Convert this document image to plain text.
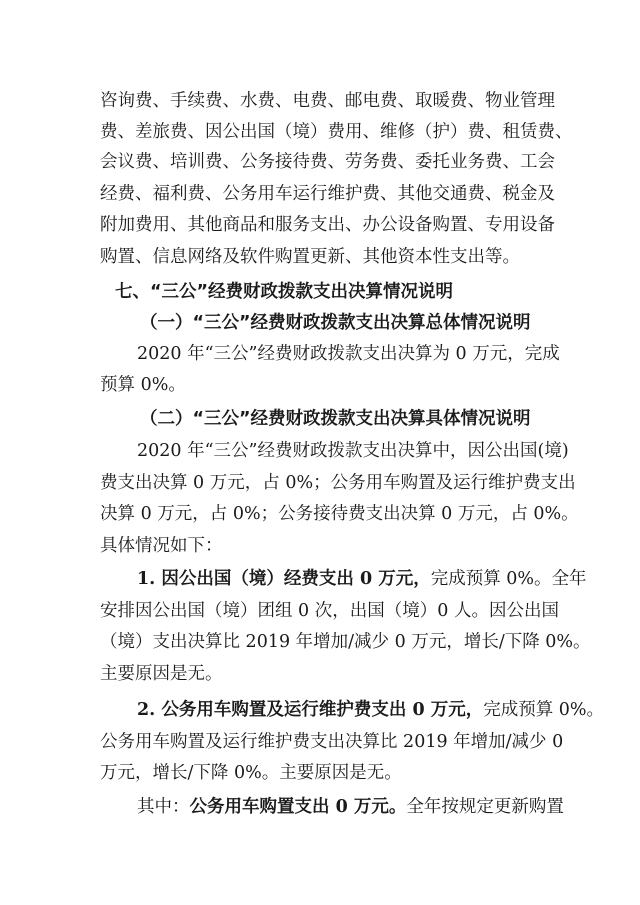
咨询费、手续费、水费、电费、邮电费、取暖费、物业管理
费、差旅费、因公出国（境）费用、维修（护）费、租赁费、
会议费、培训费、公务接待费、劳务费、委托业务费、工会
经费、福利费、公务用车运行维护费、其他交通费、税金及
附加费用、其他商品和服务支出、办公设备购置、专用设备
购置、信息网络及软件购置更新、其他资本性支出等。
七、“三公”经费财政拨款支出决算情况说明
（一）“三公”经费财政拨款支出决算总体情况说明
2020 年“三公”经费财政拨款支出决算为 0 万元，完成
预算 0%。
（二）“三公”经费财政拨款支出决算具体情况说明
2020 年“三公”经费财政拨款支出决算中，因公出国(境)
费支出决算 0 万元，占 0%；公务用车购置及运行维护费支出
决算 0 万元，占 0%；公务接待费支出决算 0 万元，占 0%。
具体情况如下：
1. 因公出国（境）经费支出 0 万元，完成预算 0%。全年
安排因公出国（境）团组 0 次，出国（境）0 人。因公出国
（境）支出决算比 2019 年增加/减少 0 万元，增长/下降 0%。
主要原因是无。
2. 公务用车购置及运行维护费支出 0 万元，完成预算 0%。
公务用车购置及运行维护费支出决算比 2019 年增加/减少 0
万元，增长/下降 0%。主要原因是无。
其中：公务用车购置支出 0 万元。全年按规定更新购置
